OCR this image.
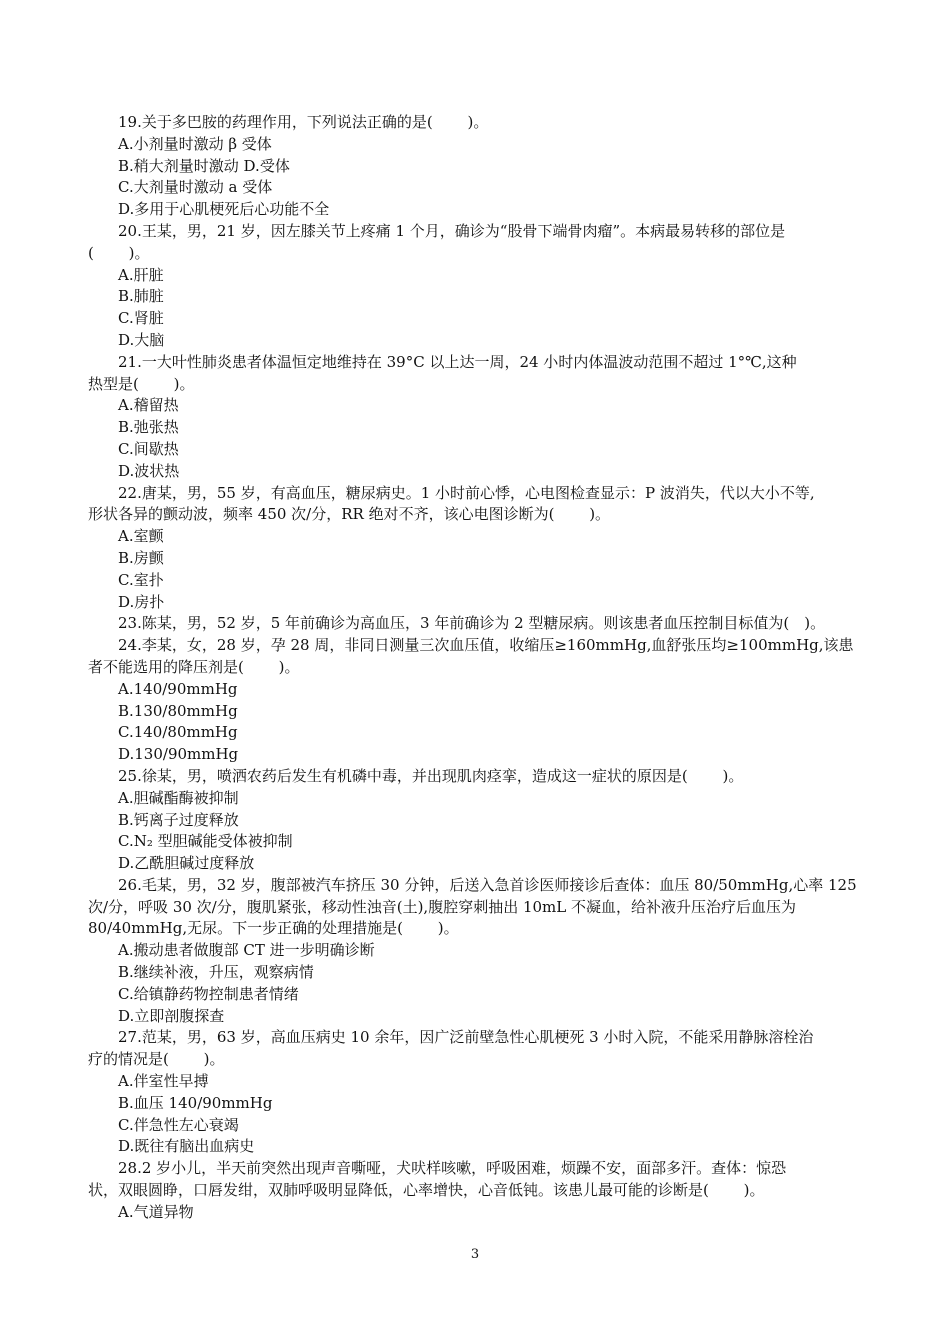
19.关于多巴胺的药理作用，下列说法正确的是(　　 )。
A.小剂量时激动 β 受体
B.稍大剂量时激动 D.受体
C.大剂量时激动 a 受体
D.多用于心肌梗死后心功能不全
20.王某，男，21 岁，因左膝关节上疼痛 1 个月，确诊为“股骨下端骨肉瘤”。本病最易转移的部位是
(　　 )。
A.肝脏
B.肺脏
C.肾脏
D.大脑
21.一大叶性肺炎患者体温恒定地维持在 39°C 以上达一周，24 小时内体温波动范围不超过 1°℃,这种
热型是(　　 )。
A.稽留热
B.弛张热
C.间歇热
D.波状热
22.唐某，男，55 岁，有高血压，糖尿病史。1 小时前心悸，心电图检查显示：P 波消失，代以大小不等,
形状各异的颤动波，频率 450 次/分，RR 绝对不齐，该心电图诊断为(　　 )。
A.室颤
B.房颤
C.室扑
D.房扑
23.陈某，男，52 岁，5 年前确诊为高血压，3 年前确诊为 2 型糖尿病。则该患者血压控制目标值为(　)。
24.李某，女，28 岁，孕 28 周，非同日测量三次血压值，收缩压≥160mmHg,血舒张压均≥100mmHg,该患
者不能选用的降压剂是(　　 )。
A.140/90mmHg
B.130/80mmHg
C.140/80mmHg
D.130/90mmHg
25.徐某，男，喷洒农药后发生有机磷中毒，并出现肌肉痉挛，造成这一症状的原因是(　　 )。
A.胆碱酯酶被抑制
B.钙离子过度释放
C.N₂ 型胆碱能受体被抑制
D.乙酰胆碱过度释放
26.毛某，男，32 岁，腹部被汽车挤压 30 分钟，后送入急首诊医师接诊后查体：血压 80/50mmHg,心率 125
次/分，呼吸 30 次/分，腹肌紧张，移动性浊音(土),腹腔穿刺抽出 10mL 不凝血，给补液升压治疗后血压为
80/40mmHg,无尿。下一步正确的处理措施是(　　 )。
A.搬动患者做腹部 CT 进一步明确诊断
B.继续补液，升压，观察病情
C.给镇静药物控制患者情绪
D.立即剖腹探查
27.范某，男，63 岁，高血压病史 10 余年，因广泛前壁急性心肌梗死 3 小时入院，不能采用静脉溶栓治
疗的情况是(　　 )。
A.伴室性早搏
B.血压 140/90mmHg
C.伴急性左心衰竭
D.既往有脑出血病史
28.2 岁小儿，半天前突然出现声音嘶哑，犬吠样咳嗽，呼吸困难，烦躁不安，面部多汗。查体：惊恐
状，双眼圆睁，口唇发绀，双肺呼吸明显降低，心率增快，心音低钝。该患儿最可能的诊断是(　　 )。
A.气道异物
3
